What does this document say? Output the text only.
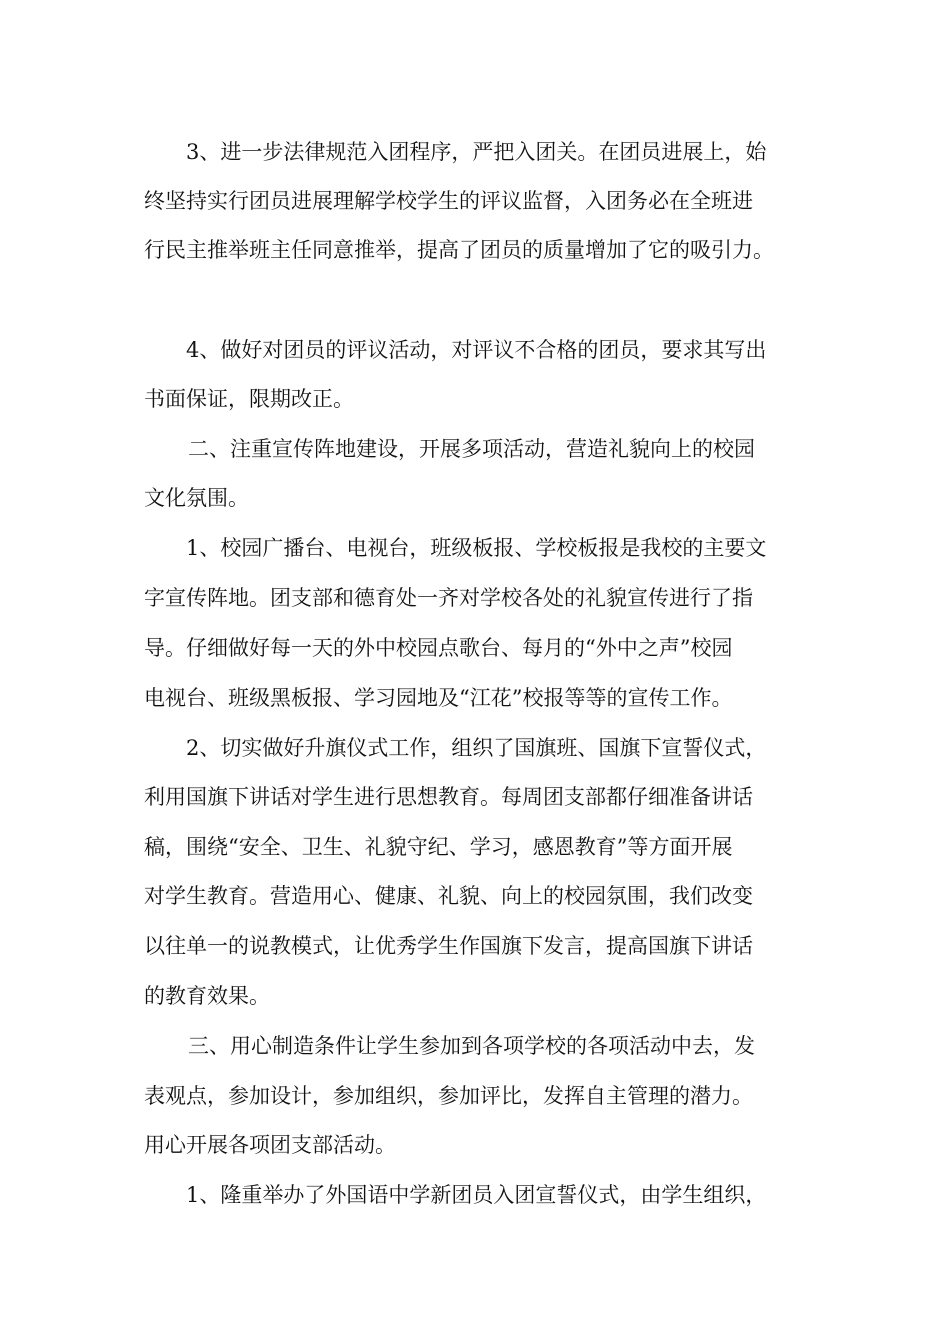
3、进一步法律规范入团程序，严把入团关。在团员进展上，始

终坚持实行团员进展理解学校学生的评议监督，入团务必在全班进

行民主推举班主任同意推举，提高了团员的质量增加了它的吸引力。

4、做好对团员的评议活动，对评议不合格的团员，要求其写出

书面保证，限期改正。

二、注重宣传阵地建设，开展多项活动，营造礼貌向上的校园

文化氛围。

1、校园广播台、电视台，班级板报、学校板报是我校的主要文

字宣传阵地。团支部和德育处一齐对学校各处的礼貌宣传进行了指

导。仔细做好每一天的外中校园点歌台、每月的“外中之声”校园

电视台、班级黑板报、学习园地及“江花”校报等等的宣传工作。

2、切实做好升旗仪式工作，组织了国旗班、国旗下宣誓仪式，

利用国旗下讲话对学生进行思想教育。每周团支部都仔细准备讲话

稿，围绕“安全、卫生、礼貌守纪、学习，感恩教育”等方面开展

对学生教育。营造用心、健康、礼貌、向上的校园氛围，我们改变

以往单一的说教模式，让优秀学生作国旗下发言，提高国旗下讲话

的教育效果。

三、用心制造条件让学生参加到各项学校的各项活动中去，发

表观点，参加设计，参加组织，参加评比，发挥自主管理的潜力。

用心开展各项团支部活动。

1、隆重举办了外国语中学新团员入团宣誓仪式，由学生组织，
